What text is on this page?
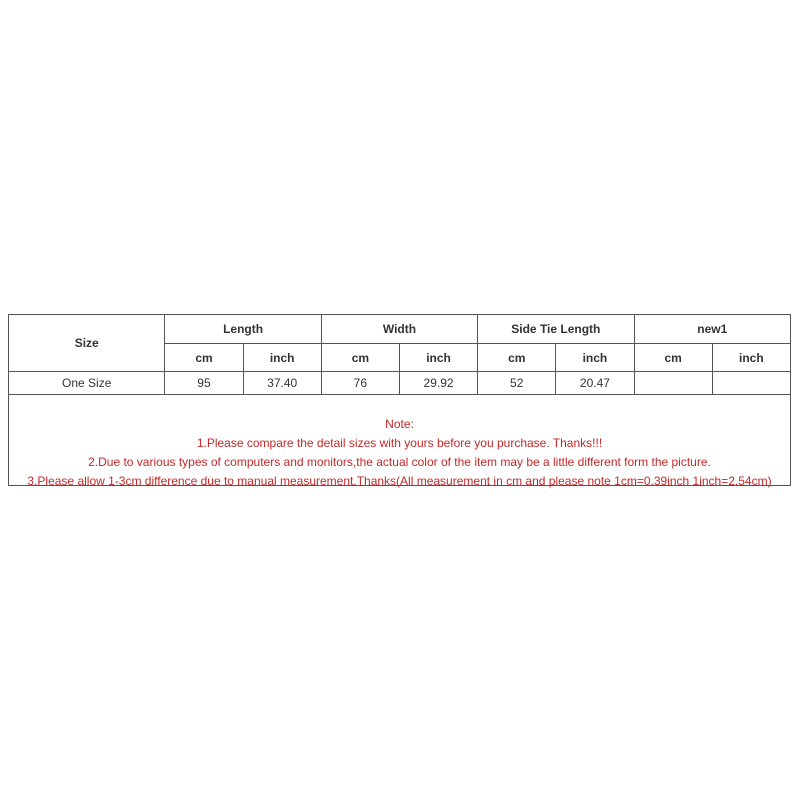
Size	Length		Width		Side Tie Length		new1	
	cm	inch	cm	inch	cm	inch	cm	inch
One Size	95	37.40	76	29.92	52	20.47		
Note:
1.Please compare the detail sizes with yours before you purchase. Thanks!!!
2.Due to various types of computers and monitors,the actual color of the item may be a little different form the picture.
3.Please allow 1-3cm difference due to manual measurement.Thanks(All measurement in cm and please note 1cm=0.39inch 1inch=2.54cm)
